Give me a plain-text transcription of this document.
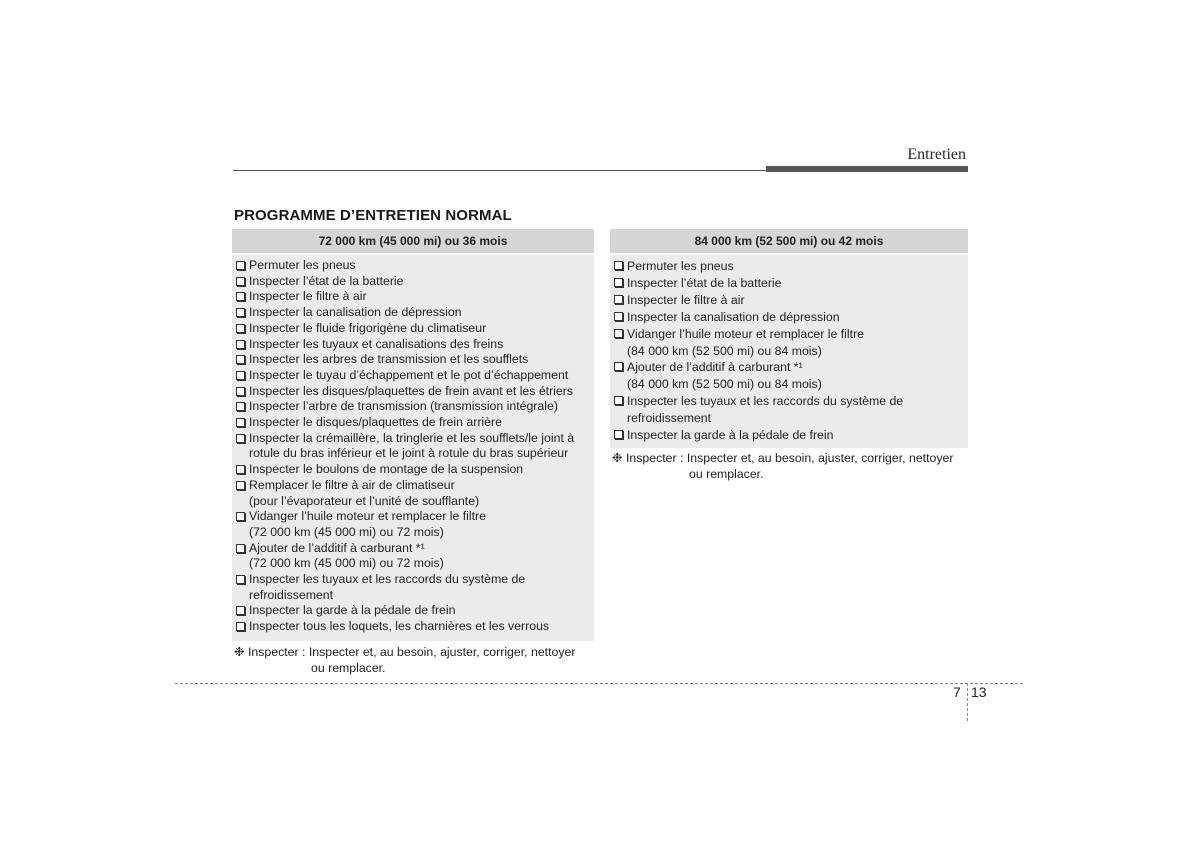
Entretien
PROGRAMME D’ENTRETIEN NORMAL
72 000 km (45 000 mi) ou 36 mois
Permuter les pneus
Inspecter l’état de la batterie
Inspecter le filtre à air
Inspecter la canalisation de dépression
Inspecter le fluide frigorigène du climatiseur
Inspecter les tuyaux et canalisations des freins
Inspecter les arbres de transmission et les soufflets
Inspecter le tuyau d’échappement et le pot d’échappement
Inspecter les disques/plaquettes de frein avant et les étriers
Inspecter l’arbre de transmission (transmission intégrale)
Inspecter le disques/plaquettes de frein arrière
Inspecter la crémaillère, la tringlerie et les soufflets/le joint à
rotule du bras inférieur et le joint à rotule du bras supérieur
Inspecter le boulons de montage de la suspension
Remplacer le filtre à air de climatiseur
(pour l’évaporateur et l’unité de soufflante)
Vidanger l’huile moteur et remplacer le filtre
(72 000 km (45 000 mi) ou 72 mois)
Ajouter de l’additif à carburant *¹
(72 000 km (45 000 mi) ou 72 mois)
Inspecter les tuyaux et les raccords du système de
refroidissement
Inspecter la garde à la pédale de frein
Inspecter tous les loquets, les charnières et les verrous
84 000 km (52 500 mi) ou 42 mois
Permuter les pneus
Inspecter l’état de la batterie
Inspecter le filtre à air
Inspecter la canalisation de dépression
Vidanger l’huile moteur et remplacer le filtre
(84 000 km (52 500 mi) ou 84 mois)
Ajouter de l’additif à carburant *¹
(84 000 km (52 500 mi) ou 84 mois)
Inspecter les tuyaux et les raccords du système de
refroidissement
Inspecter la garde à la pédale de frein
❉ Inspecter : Inspecter et, au besoin, ajuster, corriger, nettoyer
ou remplacer.
❉ Inspecter : Inspecter et, au besoin, ajuster, corriger, nettoyer
ou remplacer.
7 13
